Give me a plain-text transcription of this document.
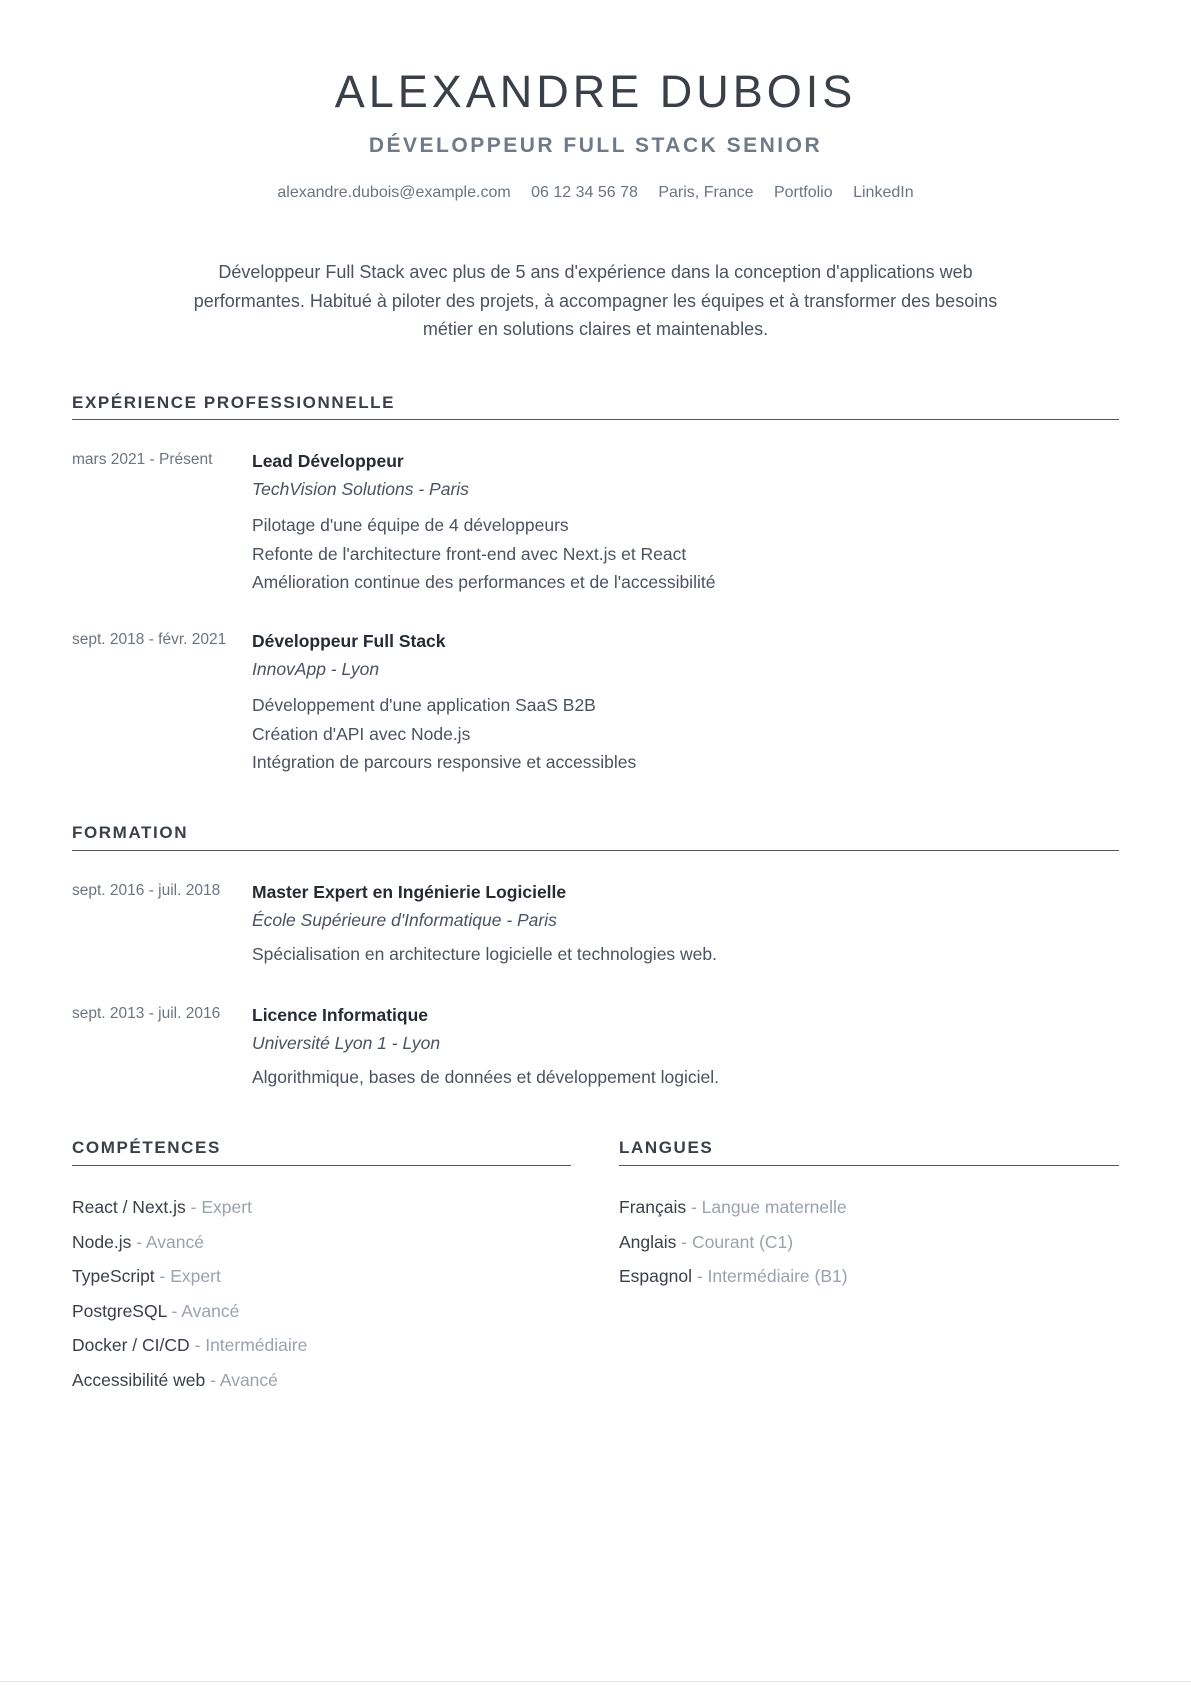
ALEXANDRE DUBOIS
DÉVELOPPEUR FULL STACK SENIOR
alexandre.dubois@example.com 06 12 34 56 78 Paris, France Portfolio LinkedIn

Développeur Full Stack avec plus de 5 ans d'expérience dans la conception d'applications web performantes. Habitué à piloter des projets, à accompagner les équipes et à transformer des besoins métier en solutions claires et maintenables.

EXPÉRIENCE PROFESSIONNELLE
mars 2021 - Présent Lead Développeur
TechVision Solutions - Paris
Pilotage d'une équipe de 4 développeurs
Refonte de l'architecture front-end avec Next.js et React
Amélioration continue des performances et de l'accessibilité
sept. 2018 - févr. 2021 Développeur Full Stack
InnovApp - Lyon
Développement d'une application SaaS B2B
Création d'API avec Node.js
Intégration de parcours responsive et accessibles
FORMATION
sept. 2016 - juil. 2018 Master Expert en Ingénierie Logicielle
École Supérieure d'Informatique - Paris
Spécialisation en architecture logicielle et technologies web.
sept. 2013 - juil. 2016 Licence Informatique
Université Lyon 1 - Lyon
Algorithmique, bases de données et développement logiciel.
COMPÉTENCES
React / Next.js - Expert
Node.js - Avancé
TypeScript - Expert
PostgreSQL - Avancé
Docker / CI/CD - Intermédiaire
Accessibilité web - Avancé
LANGUES
Français - Langue maternelle
Anglais - Courant (C1)
Espagnol - Intermédiaire (B1)
